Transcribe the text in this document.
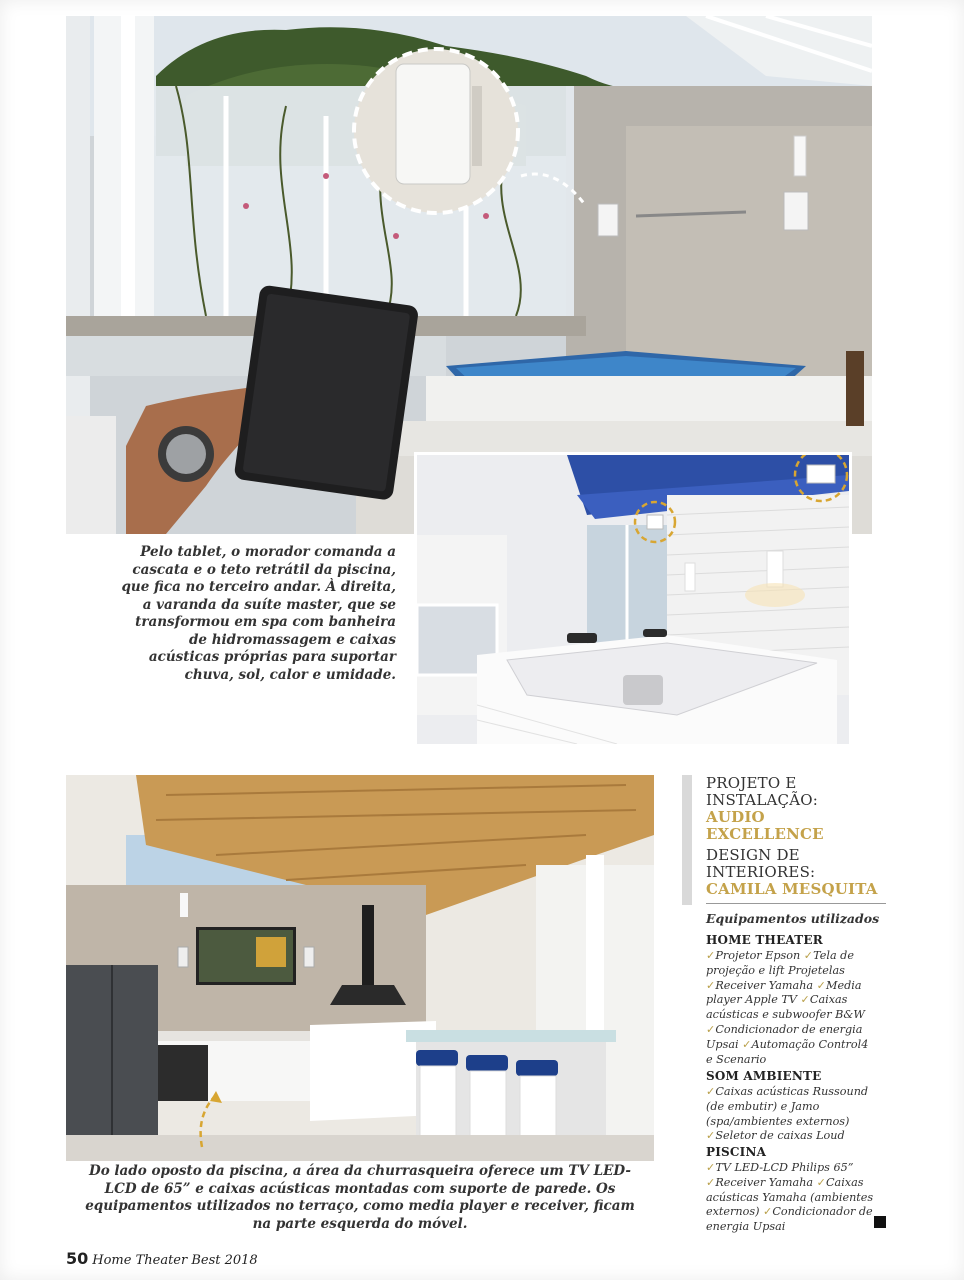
Pelo tablet, o morador comanda a cascata e o teto retrátil da piscina, que fica no terceiro andar. À direita, a varanda da suíte master, que se transformou em spa com banheira de hidromassagem e caixas acústicas próprias para suportar chuva, sol, calor e umidade.

Do lado oposto da piscina, a área da churrasqueira oferece um TV LED-LCD de 65” e caixas acústicas montadas com suporte de parede. Os equipamentos utilizados no terraço, como media player e receiver, ficam na parte esquerda do móvel.

PROJETO E
INSTALAÇÃO:
AUDIO
EXCELLENCE
DESIGN DE
INTERIORES:
CAMILA MESQUITA
Equipamentos utilizados
HOME THEATER
✓Projetor Epson ✓Tela de projeção e lift Projetelas ✓Receiver Yamaha ✓Media player Apple TV ✓Caixas acústicas e subwoofer B&W ✓Condicionador de energia Upsai ✓Automação Control4 e Scenario
SOM AMBIENTE
✓Caixas acústicas Russound (de embutir) e Jamo (spa/ambientes externos) ✓Seletor de caixas Loud
PISCINA
✓TV LED-LCD Philips 65” ✓Receiver Yamaha ✓Caixas acústicas Yamaha (ambientes externos) ✓Condicionador de energia Upsai
50 Home Theater Best 2018
